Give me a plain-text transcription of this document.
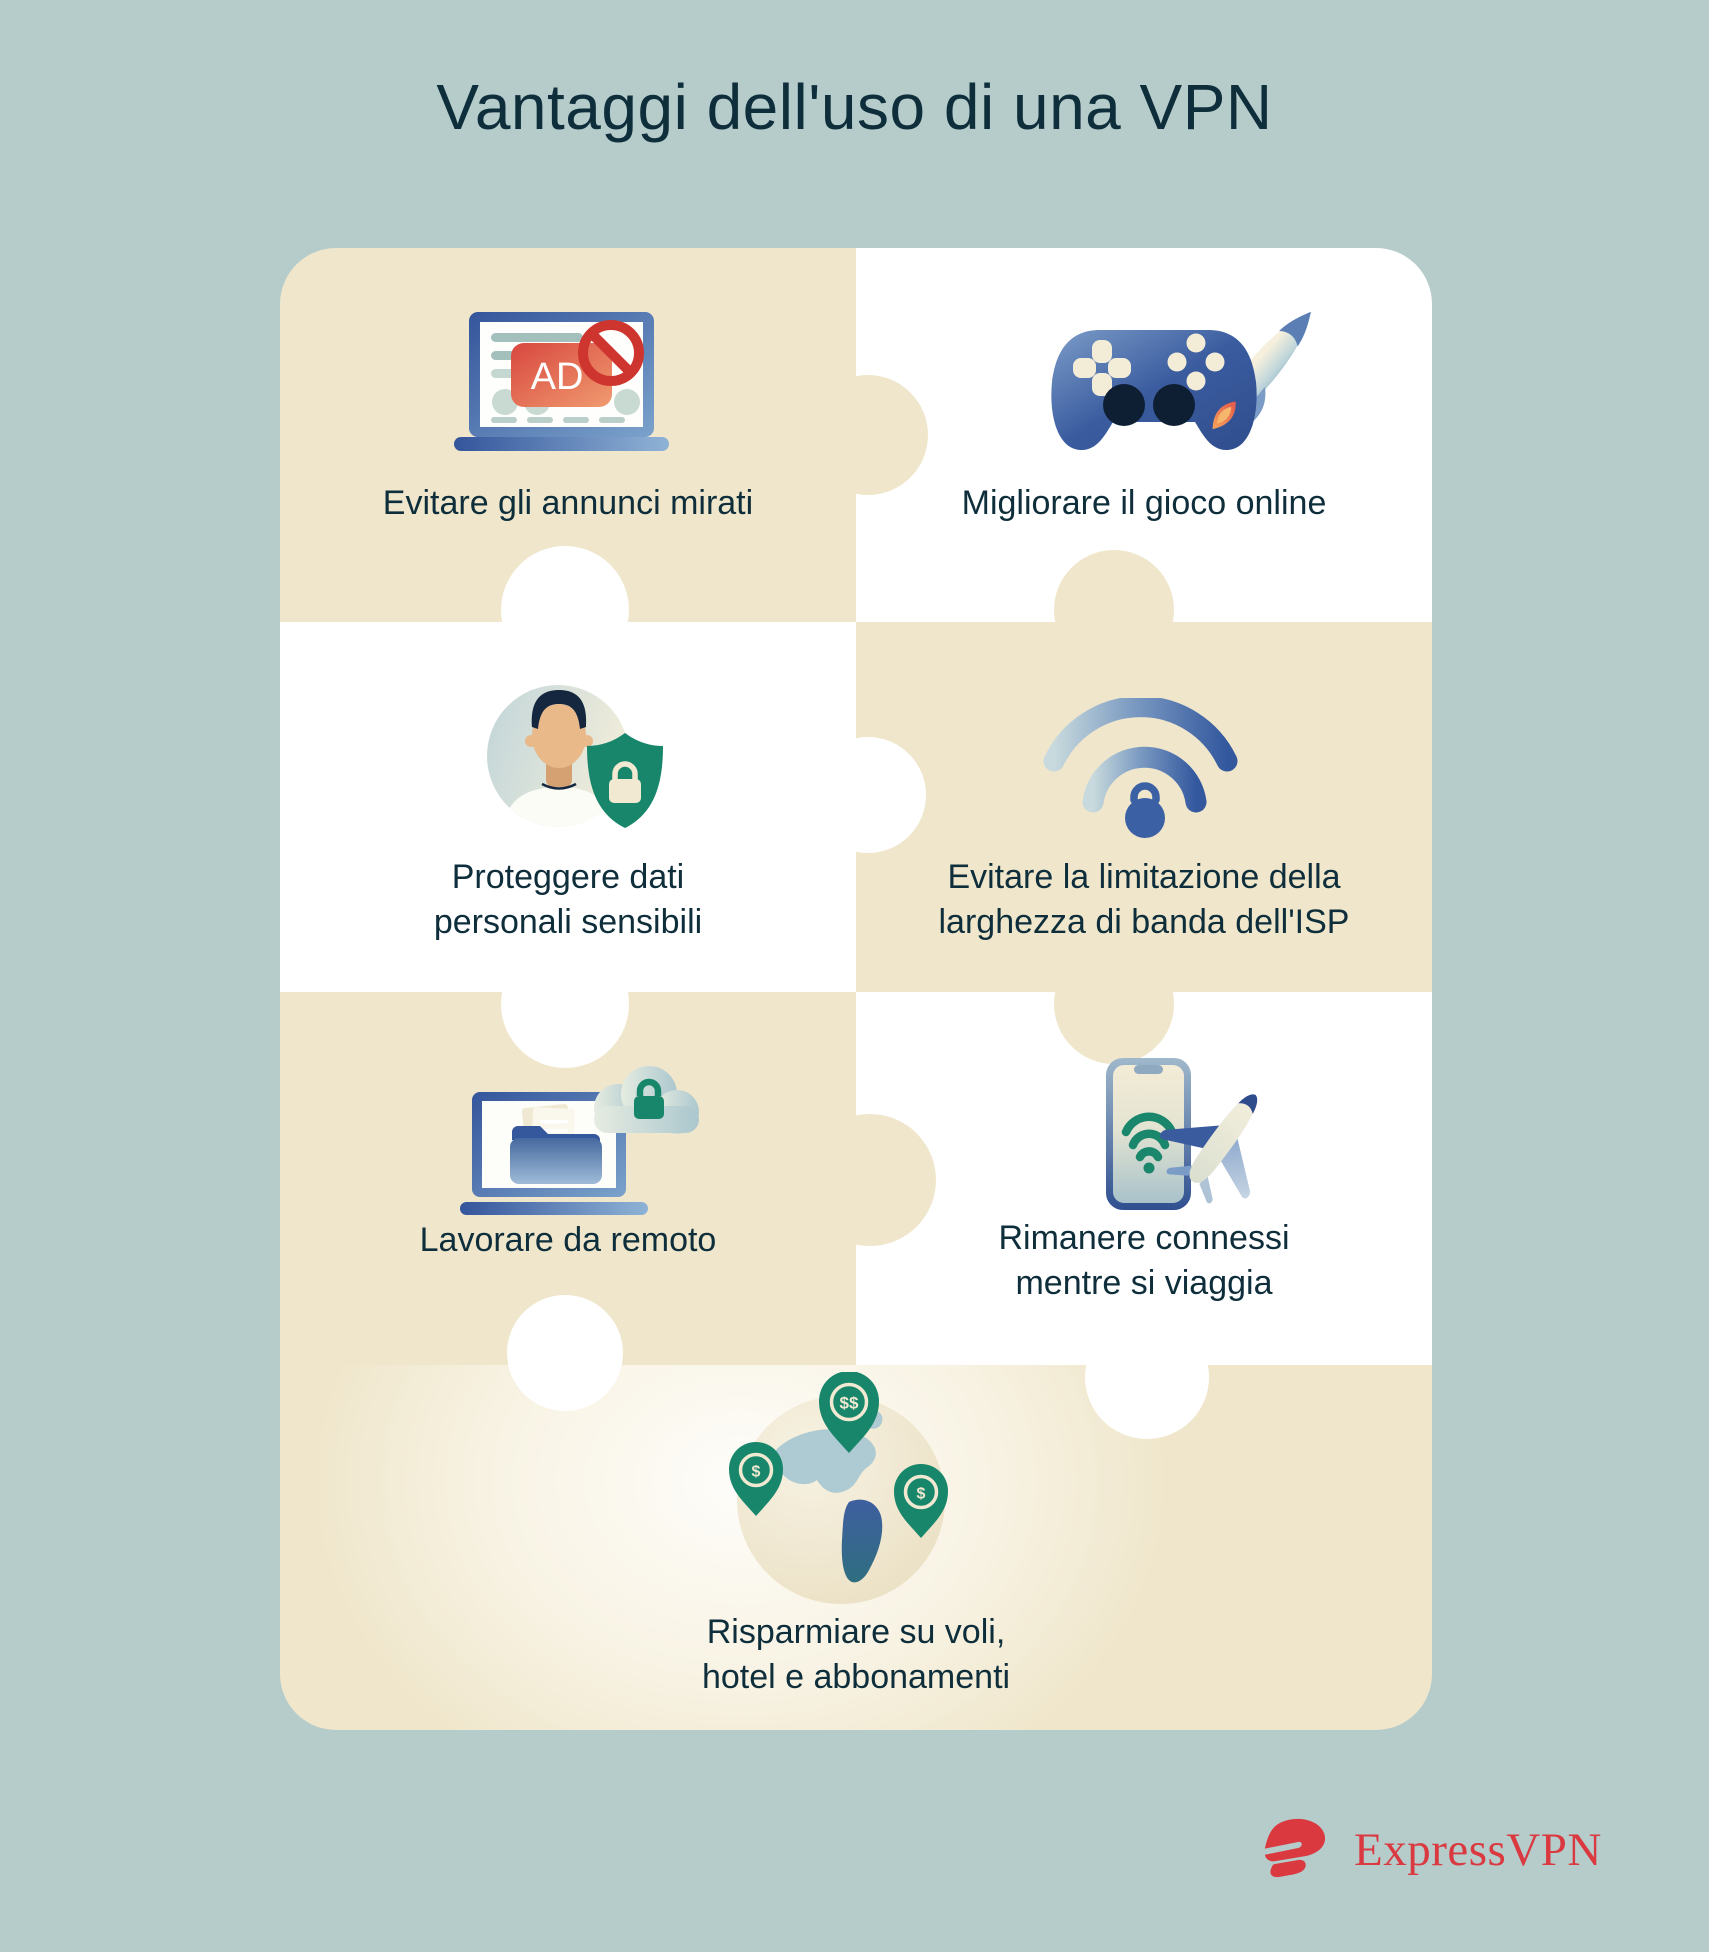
Vantaggi dell'uso di una VPN
AD
$$
$
$

Evitare gli annunci mirati	Migliorare il gioco online

Proteggere dati
personali sensibili

Evitare la limitazione della
larghezza di banda dell'ISP

Lavorare da remoto	Rimanere connessi
mentre si viaggia

Risparmiare su voli,
hotel e abbonamenti

ExpressVPN
